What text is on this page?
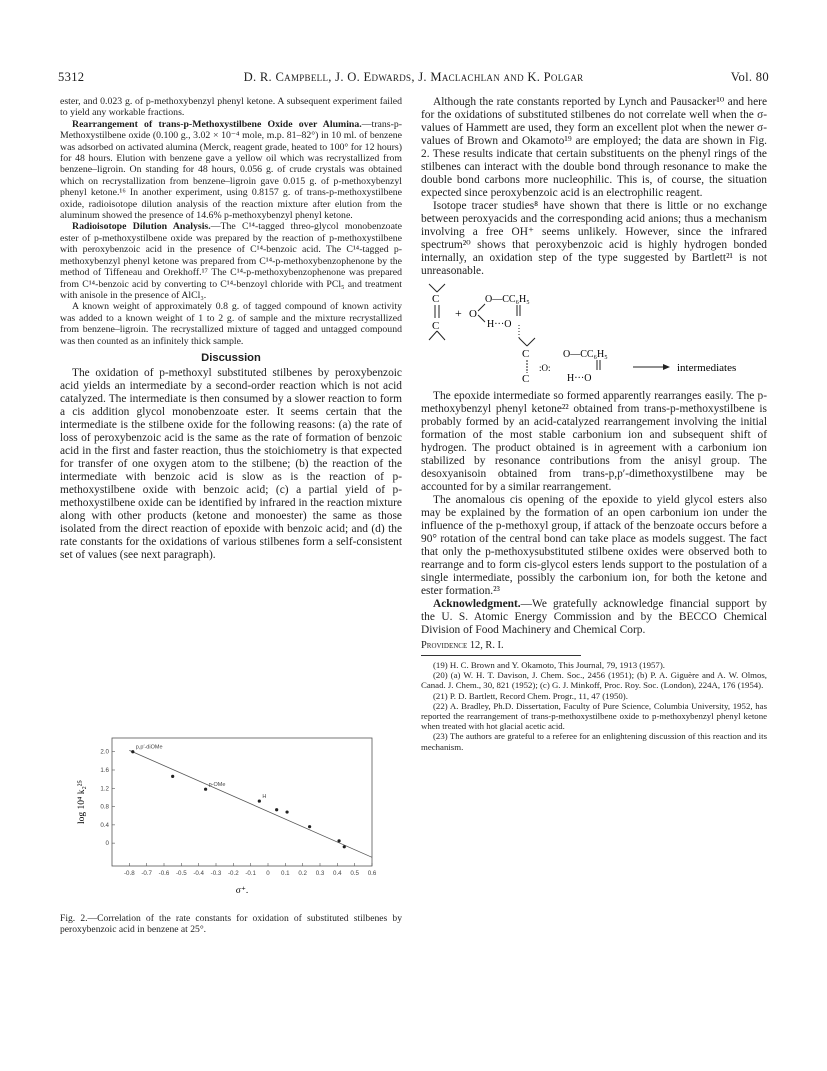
5312	D. R. Campbell, J. O. Edwards, J. Maclachlan and K. Polgar	Vol. 80

ester, and 0.023 g. of p-methoxybenzyl phenyl ketone. A subsequent experiment failed to yield any workable fractions.

Rearrangement of trans-p-Methoxystilbene Oxide over Alumina.—trans-p-Methoxystilbene oxide (0.100 g., 3.02 × 10⁻⁴ mole, m.p. 81–82°) in 10 ml. of benzene was adsorbed on activated alumina (Merck, reagent grade, heated to 100° for 12 hours) for 48 hours. Elution with benzene gave a yellow oil which was recrystallized from benzene–ligroin. On standing for 48 hours, 0.056 g. of crude crystals was obtained which on recrystallization from benzene–ligroin gave 0.015 g. of p-methoxybenzyl phenyl ketone.¹⁶ In another experiment, using 0.8157 g. of trans-p-methoxystilbene oxide, radioisotope dilution analysis of the reaction mixture after elution from the aluminum showed the presence of 14.6% p-methoxybenzyl phenyl ketone.

Radioisotope Dilution Analysis.—The C¹⁴-tagged threo-glycol monobenzoate ester of p-methoxystilbene oxide was prepared by the reaction of p-methoxystilbene with peroxybenzoic acid in the presence of C¹⁴-benzoic acid. The C¹⁴-tagged p-methoxybenzyl phenyl ketone was prepared from C¹⁴-p-methoxybenzophenone by the method of Tiffeneau and Orekhoff.¹⁷ The C¹⁴-p-methoxybenzophenone was prepared from C¹⁴-benzoic acid by converting to C¹⁴-benzoyl chloride with PCl₅ and treatment with anisole in the presence of AlCl₃.

A known weight of approximately 0.8 g. of tagged compound of known activity was added to a known weight of 1 to 2 g. of sample and the mixture recrystallized from benzene–ligroin. The recrystallized mixture of tagged and untagged compound was then counted as an infinitely thick sample.

Discussion

The oxidation of p-methoxyl substituted stilbenes by peroxybenzoic acid yields an intermediate by a second-order reaction which is not acid catalyzed. The intermediate is then consumed by a slower reaction to form a cis addition glycol monobenzoate ester. It seems certain that the intermediate is the stilbene oxide for the following reasons: (a) the rate of loss of peroxybenzoic acid is the same as the rate of formation of benzoic acid in the first and faster reaction, thus the stoichiometry is that expected for transfer of one oxygen atom to the stilbene; (b) the reaction of the intermediate with benzoic acid is slow as is the reaction of p-methoxystilbene oxide with benzoic acid; (c) a partial yield of p-methoxystilbene oxide can be identified by infrared in the reaction mixture along with other products (ketone and monoester) the same as those isolated from the direct reaction of epoxide with benzoic acid; and (d) the rate constants for the oxidations of various stilbenes form a self-consistent set of values (see next paragraph).

-0.8 -0.7 -0.6 -0.5 -0.4 -0.3 -0.2 -0.1 0 0.1 0.2 0.3 0.4 0.5 0.6
2.0
1.6
1.2
0.8
0.4
0
p,p′-diOMe
p-OMe
H
σ⁺.
log 10⁴ k₂²⁵
Fig. 2.—Correlation of the rate constants for oxidation of substituted stilbenes by peroxybenzoic acid in benzene at 25°.

Although the rate constants reported by Lynch and Pausacker¹⁰ and here for the oxidations of substituted stilbenes do not correlate well when the σ-values of Hammett are used, they form an excellent plot when the newer σ-values of Brown and Okamoto¹⁹ are employed; the data are shown in Fig. 2. These results indicate that certain substituents on the phenyl rings of the stilbenes can interact with the double bond through resonance to make the double bond carbons more nucleophilic. This is, of course, the situation expected since peroxybenzoic acid is an electrophilic reagent.

Isotope tracer studies⁸ have shown that there is little or no exchange between peroxyacids and the corresponding acid anions; thus a mechanism involving a free OH⁺ seems unlikely. However, since the infrared spectrum²⁰ shows that peroxybenzoic acid is highly hydrogen bonded internally, an oxidation step of the type suggested by Bartlett²¹ is not unreasonable.

C
C
+ O
O—CC₆H₅
H···O
C
C
:O:
O—CC₆H₅
H···O
intermediates

The epoxide intermediate so formed apparently rearranges easily. The p-methoxybenzyl phenyl ketone²² obtained from trans-p-methoxystilbene is probably formed by an acid-catalyzed rearrangement involving the initial formation of the most stable carbonium ion and subsequent shift of hydrogen. The product obtained is in agreement with a carbonium ion stabilized by resonance contributions from the anisyl group. The desoxyanisoin obtained from trans-p,p′-dimethoxystilbene may be accounted for by a similar rearrangement.

The anomalous cis opening of the epoxide to yield glycol esters also may be explained by the formation of an open carbonium ion under the influence of the p-methoxyl group, if attack of the benzoate occurs before a 90° rotation of the central bond can take place as models suggest. The fact that only the p-methoxysubstituted stilbene oxides were observed both to rearrange and to form cis-glycol esters lends support to the postulation of a single intermediate, possibly the carbonium ion, for both the ketone and ester formation.²³

Acknowledgment.—We gratefully acknowledge financial support by the U. S. Atomic Energy Commission and by the BECCO Chemical Division of Food Machinery and Chemical Corp.

Providence 12, R. I.

(19) H. C. Brown and Y. Okamoto, This Journal, 79, 1913 (1957).

(20) (a) W. H. T. Davison, J. Chem. Soc., 2456 (1951); (b) P. A. Giguère and A. W. Olmos, Canad. J. Chem., 30, 821 (1952); (c) G. J. Minkoff, Proc. Roy. Soc. (London), 224A, 176 (1954).

(21) P. D. Bartlett, Record Chem. Progr., 11, 47 (1950).

(22) A. Bradley, Ph.D. Dissertation, Faculty of Pure Science, Columbia University, 1952, has reported the rearrangement of trans-p-methoxystilbene oxide to p-methoxybenzyl phenyl ketone when treated with hot glacial acetic acid.

(23) The authors are grateful to a referee for an enlightening discussion of this reaction and its mechanism.
